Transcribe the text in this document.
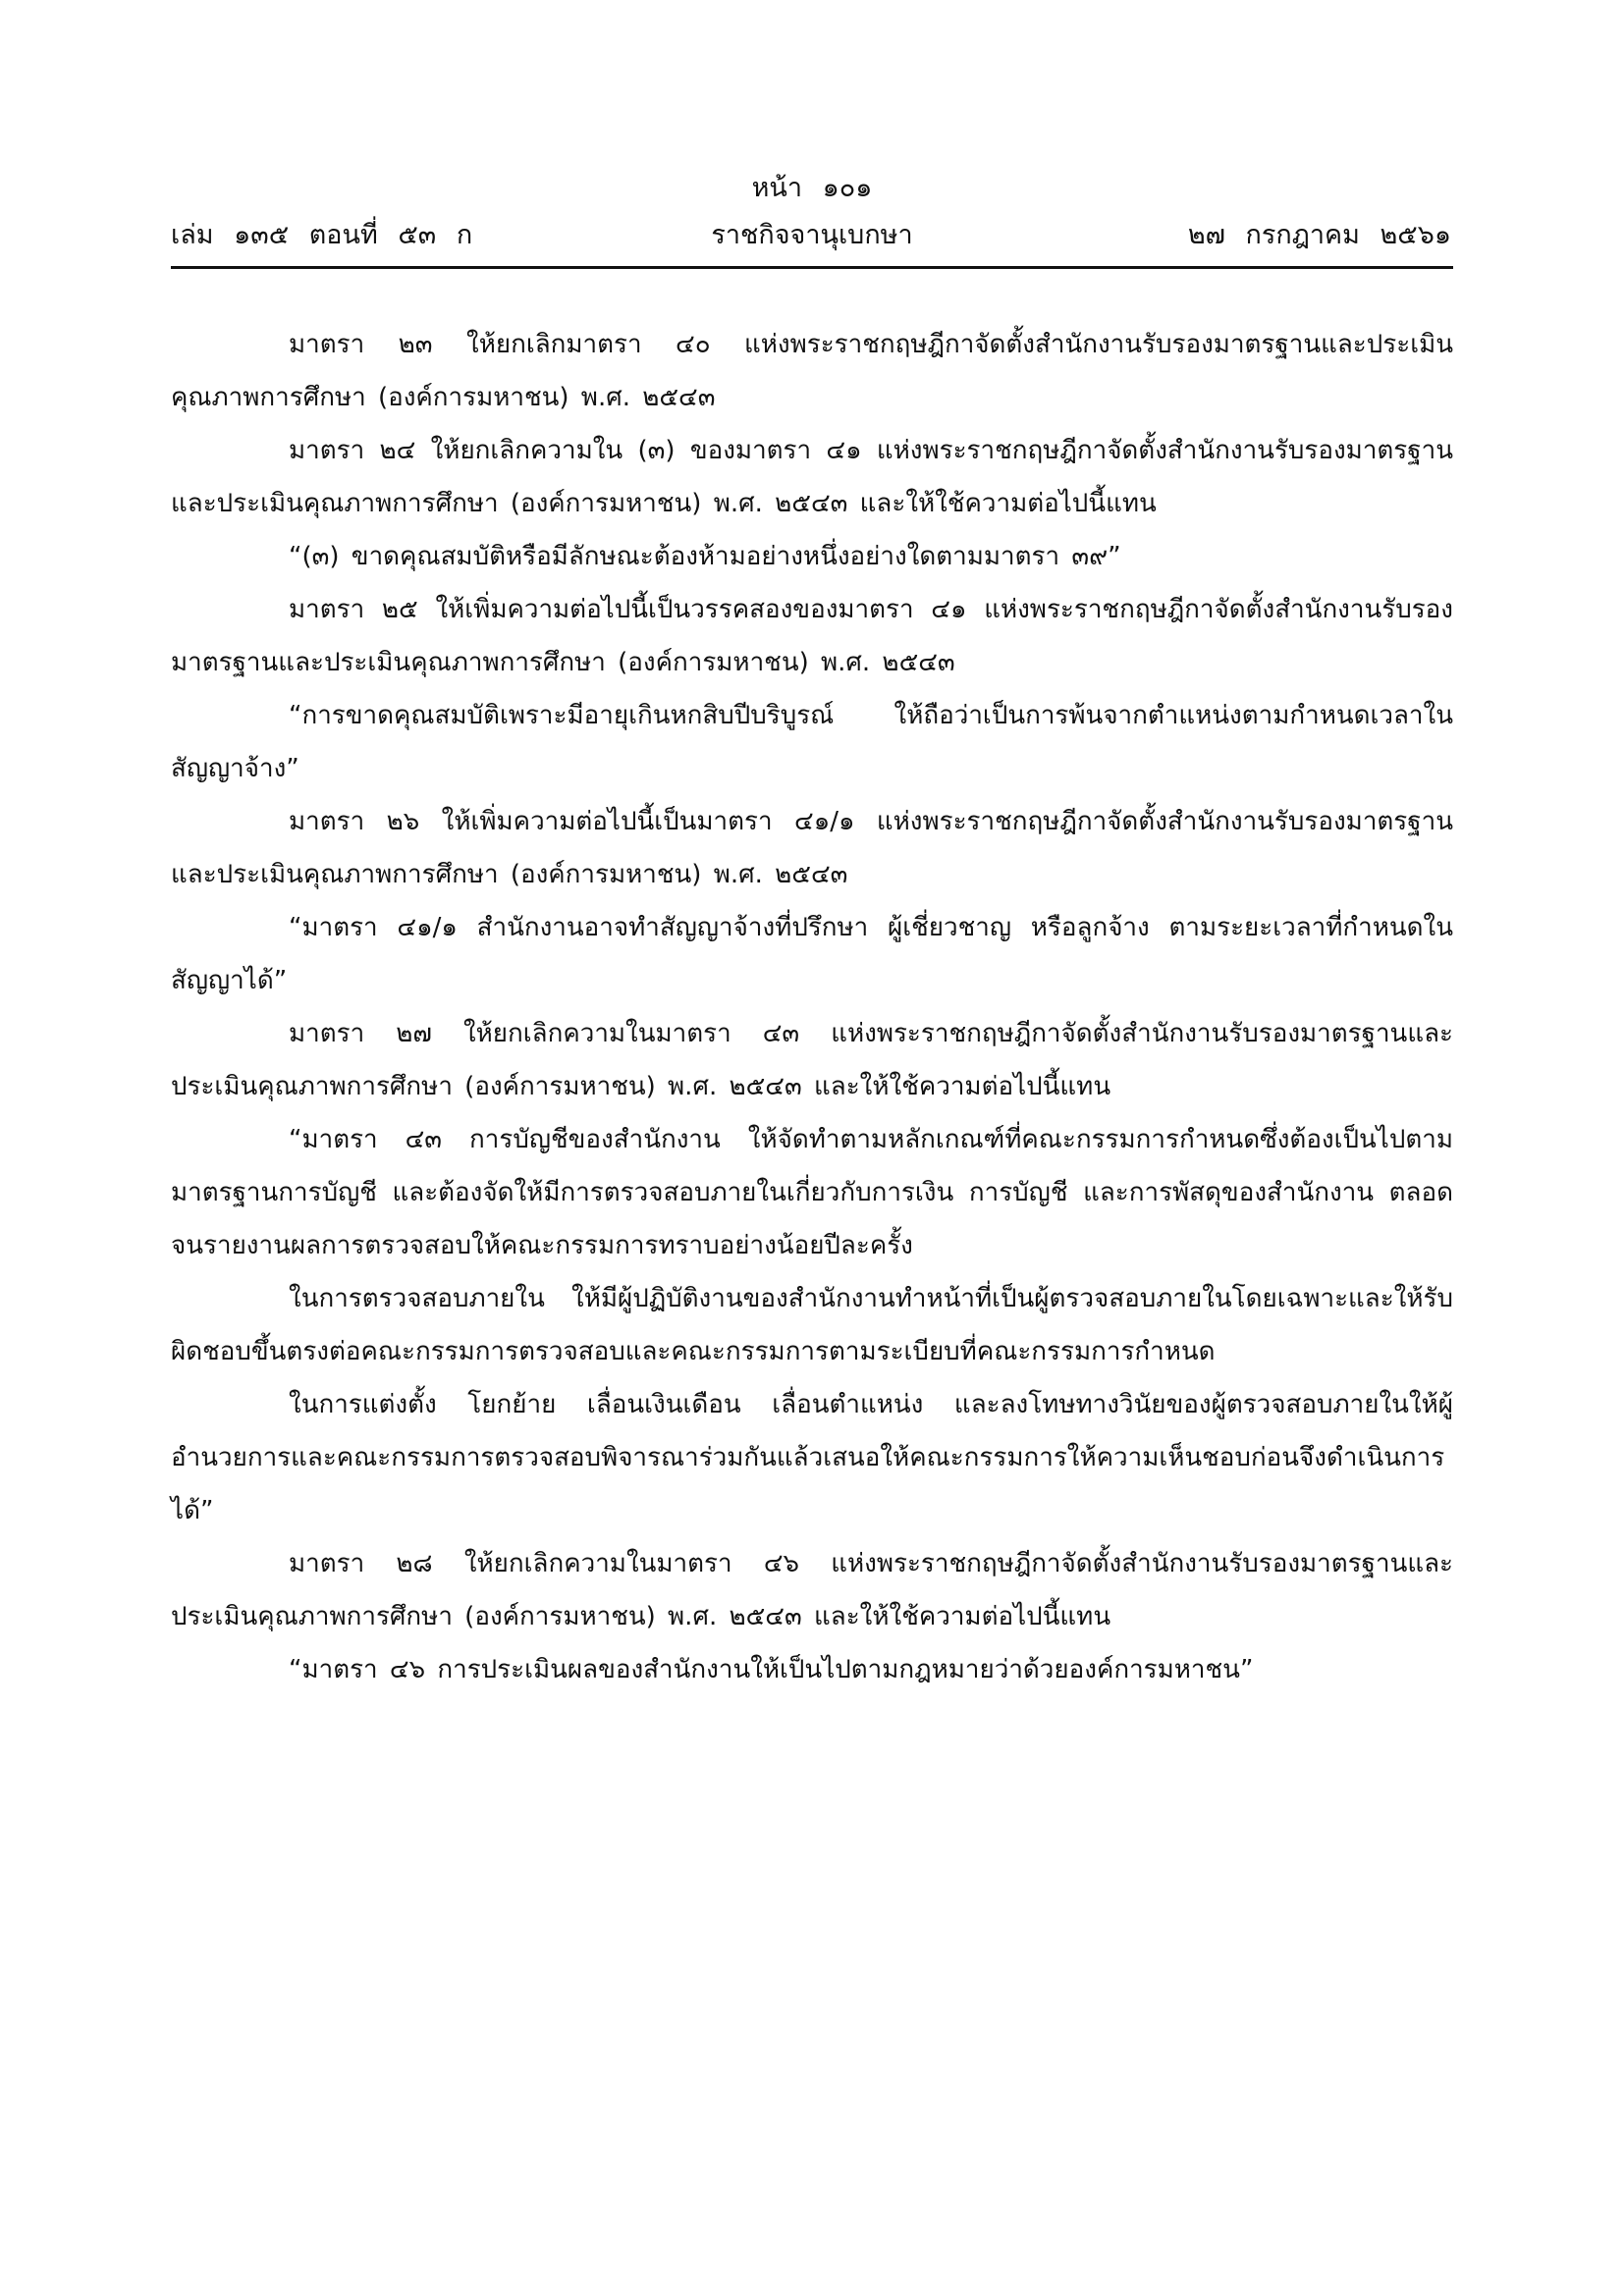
หน้า ๑๐๑
เล่ม ๑๓๕ ตอนที่ ๕๓ ก	ราชกิจจานุเบกษา	๒๗ กรกฎาคม ๒๕๖๑

มาตรา ๒๓ ให้ยกเลิกมาตรา ๔๐ แห่งพระราชกฤษฎีกาจัดตั้งสำนักงานรับรองมาตรฐานและประเมินคุณภาพการศึกษา (องค์การมหาชน) พ.ศ. ๒๕๔๓

มาตรา ๒๔ ให้ยกเลิกความใน (๓) ของมาตรา ๔๑ แห่งพระราชกฤษฎีกาจัดตั้งสำนักงานรับรองมาตรฐานและประเมินคุณภาพการศึกษา (องค์การมหาชน) พ.ศ. ๒๕๔๓ และให้ใช้ความต่อไปนี้แทน

“(๓) ขาดคุณสมบัติหรือมีลักษณะต้องห้ามอย่างหนึ่งอย่างใดตามมาตรา ๓๙”

มาตรา ๒๕ ให้เพิ่มความต่อไปนี้เป็นวรรคสองของมาตรา ๔๑ แห่งพระราชกฤษฎีกาจัดตั้งสำนักงานรับรองมาตรฐานและประเมินคุณภาพการศึกษา (องค์การมหาชน) พ.ศ. ๒๕๔๓

“การขาดคุณสมบัติเพราะมีอายุเกินหกสิบปีบริบูรณ์ ให้ถือว่าเป็นการพ้นจากตำแหน่งตามกำหนดเวลาในสัญญาจ้าง”

มาตรา ๒๖ ให้เพิ่มความต่อไปนี้เป็นมาตรา ๔๑/๑ แห่งพระราชกฤษฎีกาจัดตั้งสำนักงานรับรองมาตรฐานและประเมินคุณภาพการศึกษา (องค์การมหาชน) พ.ศ. ๒๕๔๓

“มาตรา ๔๑/๑ สำนักงานอาจทำสัญญาจ้างที่ปรึกษา ผู้เชี่ยวชาญ หรือลูกจ้าง ตามระยะเวลาที่กำหนดในสัญญาได้”

มาตรา ๒๗ ให้ยกเลิกความในมาตรา ๔๓ แห่งพระราชกฤษฎีกาจัดตั้งสำนักงานรับรองมาตรฐานและประเมินคุณภาพการศึกษา (องค์การมหาชน) พ.ศ. ๒๕๔๓ และให้ใช้ความต่อไปนี้แทน

“มาตรา ๔๓ การบัญชีของสำนักงาน ให้จัดทำตามหลักเกณฑ์ที่คณะกรรมการกำหนดซึ่งต้องเป็นไปตามมาตรฐานการบัญชี และต้องจัดให้มีการตรวจสอบภายในเกี่ยวกับการเงิน การบัญชี และการพัสดุของสำนักงาน ตลอดจนรายงานผลการตรวจสอบให้คณะกรรมการทราบอย่างน้อยปีละครั้ง

ในการตรวจสอบภายใน ให้มีผู้ปฏิบัติงานของสำนักงานทำหน้าที่เป็นผู้ตรวจสอบภายในโดยเฉพาะและให้รับผิดชอบขึ้นตรงต่อคณะกรรมการตรวจสอบและคณะกรรมการตามระเบียบที่คณะกรรมการกำหนด

ในการแต่งตั้ง โยกย้าย เลื่อนเงินเดือน เลื่อนตำแหน่ง และลงโทษทางวินัยของผู้ตรวจสอบภายในให้ผู้อำนวยการและคณะกรรมการตรวจสอบพิจารณาร่วมกันแล้วเสนอให้คณะกรรมการให้ความเห็นชอบก่อนจึงดำเนินการได้”

มาตรา ๒๘ ให้ยกเลิกความในมาตรา ๔๖ แห่งพระราชกฤษฎีกาจัดตั้งสำนักงานรับรองมาตรฐานและประเมินคุณภาพการศึกษา (องค์การมหาชน) พ.ศ. ๒๕๔๓ และให้ใช้ความต่อไปนี้แทน

“มาตรา ๔๖ การประเมินผลของสำนักงานให้เป็นไปตามกฎหมายว่าด้วยองค์การมหาชน”
